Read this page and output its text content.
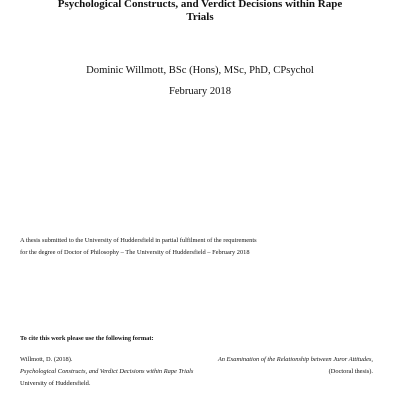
Psychological Constructs, and Verdict Decisions within Rape
Trials
Dominic Willmott, BSc (Hons), MSc, PhD, CPsychol
February 2018
A thesis submitted to the University of Huddersfield in partial fulfilment of the requirements
for the degree of Doctor of Philosophy – The University of Huddersfield – February 2018
To cite this work please use the following format:
Willmott, D. (2018).	An Examination of the Relationship between Juror Attitudes,
Psychological Constructs, and Verdict Decisions within Rape Trials	(Doctoral thesis).
University of Huddersfield.
